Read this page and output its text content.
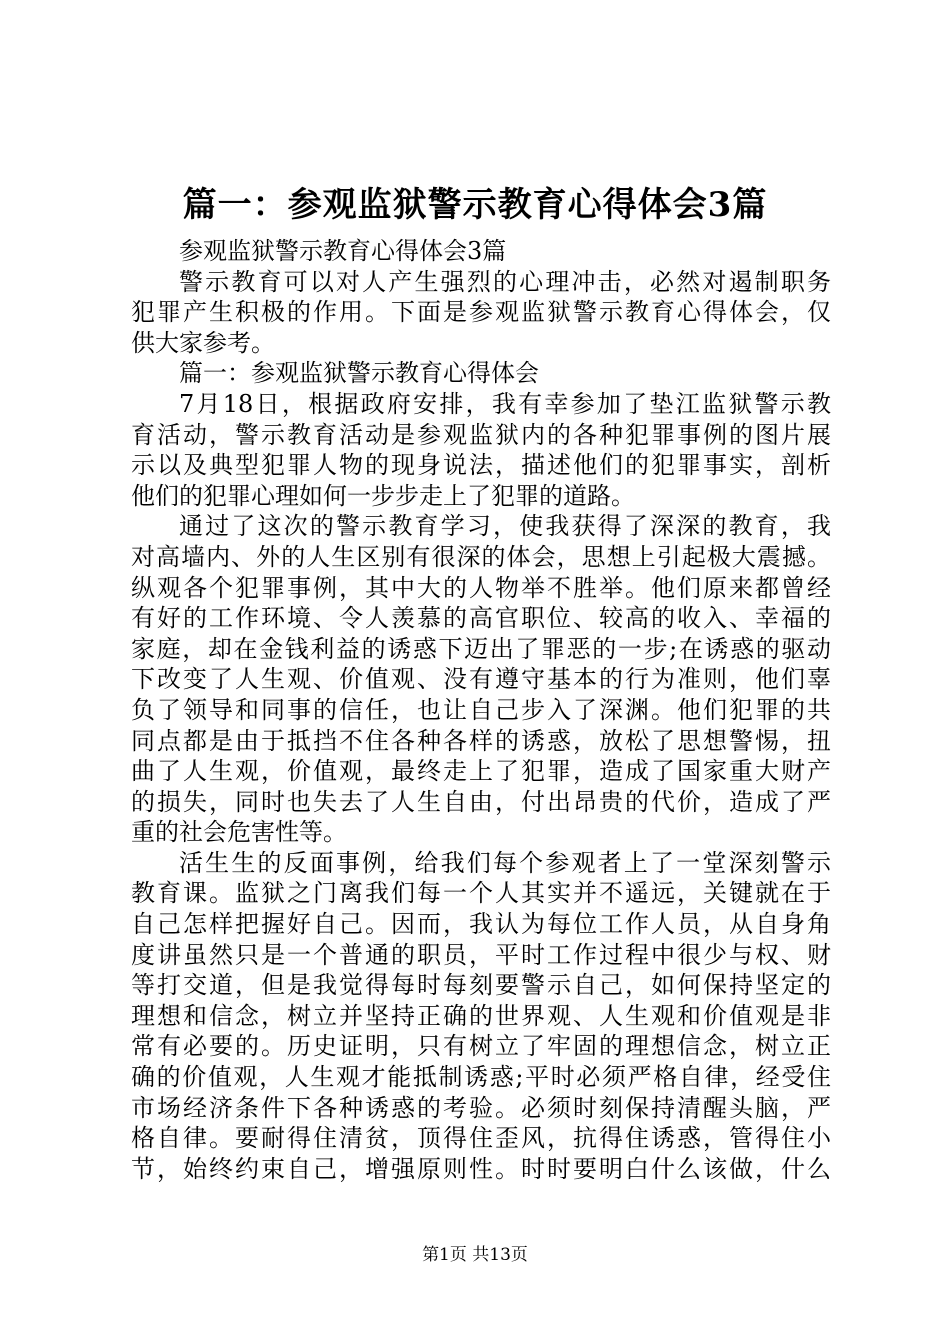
篇一：参观监狱警示教育心得体会3篇
参观监狱警示教育心得体会3篇
警示教育可以对人产生强烈的心理冲击，必然对遏制职务
犯罪产生积极的作用。下面是参观监狱警示教育心得体会，仅
供大家参考。
篇一：参观监狱警示教育心得体会
7月18日，根据政府安排，我有幸参加了垫江监狱警示教
育活动，警示教育活动是参观监狱内的各种犯罪事例的图片展
示以及典型犯罪人物的现身说法，描述他们的犯罪事实，剖析
他们的犯罪心理如何一步步走上了犯罪的道路。
通过了这次的警示教育学习，使我获得了深深的教育，我
对高墙内、外的人生区别有很深的体会，思想上引起极大震撼。
纵观各个犯罪事例，其中大的人物举不胜举。他们原来都曾经
有好的工作环境、令人羡慕的高官职位、较高的收入、幸福的
家庭，却在金钱利益的诱惑下迈出了罪恶的一步;在诱惑的驱动
下改变了人生观、价值观、没有遵守基本的行为准则，他们辜
负了领导和同事的信任，也让自己步入了深渊。他们犯罪的共
同点都是由于抵挡不住各种各样的诱惑，放松了思想警惕，扭
曲了人生观，价值观，最终走上了犯罪，造成了国家重大财产
的损失，同时也失去了人生自由，付出昂贵的代价，造成了严
重的社会危害性等。
活生生的反面事例，给我们每个参观者上了一堂深刻警示
教育课。监狱之门离我们每一个人其实并不遥远，关键就在于
自己怎样把握好自己。因而，我认为每位工作人员，从自身角
度讲虽然只是一个普通的职员，平时工作过程中很少与权、财
等打交道，但是我觉得每时每刻要警示自己，如何保持坚定的
理想和信念，树立并坚持正确的世界观、人生观和价值观是非
常有必要的。历史证明，只有树立了牢固的理想信念，树立正
确的价值观，人生观才能抵制诱惑;平时必须严格自律，经受住
市场经济条件下各种诱惑的考验。必须时刻保持清醒头脑，严
格自律。要耐得住清贫，顶得住歪风，抗得住诱惑，管得住小
节，始终约束自己，增强原则性。时时要明白什么该做，什么
第1页 共13页
